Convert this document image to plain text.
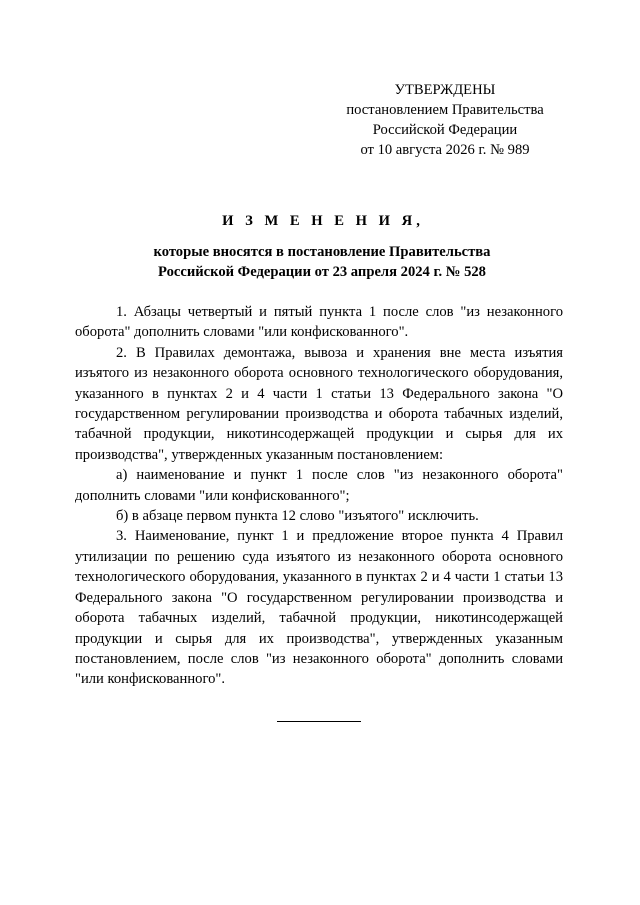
УТВЕРЖДЕНЫ
постановлением Правительства
Российской Федерации
от 10 августа 2026 г. № 989
И З М Е Н Е Н И Я,
которые вносятся в постановление Правительства
Российской Федерации от 23 апреля 2024 г. № 528

1. Абзацы четвертый и пятый пункта 1 после слов "из незаконного оборота" дополнить словами "или конфискованного".

2. В Правилах демонтажа, вывоза и хранения вне места изъятия изъятого из незаконного оборота основного технологического оборудования, указанного в пунктах 2 и 4 части 1 статьи 13 Федерального закона "О государственном регулировании производства и оборота табачных изделий, табачной продукции, никотинсодержащей продукции и сырья для их производства", утвержденных указанным постановлением:

а) наименование и пункт 1 после слов "из незаконного оборота" дополнить словами "или конфискованного";

б) в абзаце первом пункта 12 слово "изъятого" исключить.

3. Наименование, пункт 1 и предложение второе пункта 4 Правил утилизации по решению суда изъятого из незаконного оборота основного технологического оборудования, указанного в пунктах 2 и 4 части 1 статьи 13 Федерального закона "О государственном регулировании производства и оборота табачных изделий, табачной продукции, никотинсодержащей продукции и сырья для их производства", утвержденных указанным постановлением, после слов "из незаконного оборота" дополнить словами "или конфискованного".
